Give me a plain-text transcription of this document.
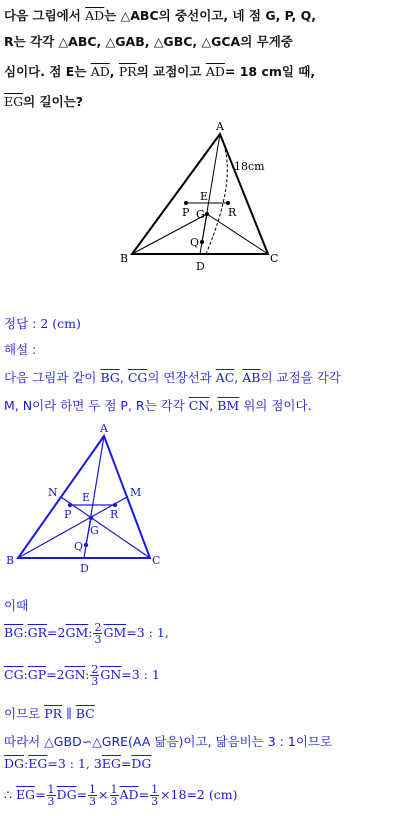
다음 그림에서 $\overline{AD}$는 △ABC의 중선이고, 네 점 G, P, Q,
R는 각각 △ABC, △GAB, △GBC, △GCA의 무게중
심이다. 점 E는 $\overline{AD}$, $\overline{PR}$의 교점이고 $\overline{AD}= 18$ cm일 때,
$\overline{EG}$의 길이는?
A
B	C
D
E
G
P	R
Q
18cm
정답 : 2 (cm)
해설 :
다음 그림과 같이 $\overline{BG}$, $\overline{CG}$의 연장선과 $\overline{AC}$, $\overline{AB}$의 교점을 각각
M, N이라 하면 두 점 P, R는 각각 $\overline{CN}$, $\overline{BM}$ 위의 점이다.
A
B	C
D
E
G
P	R
Q
M
N
이때
$\overline{BG}:\overline{GR}=2\overline{GM}$: $\frac{2}{3} \overline{GM}=3$ : 1,
$\overline{CG}:\overline{GP}=2\overline{GN}$: $\frac{2}{3} \overline{GN}=3$ : 1
이므로 $\overline{PR}$ ∥ $\overline{BC}$
따라서 △GBD∽△GRE(AA 닮음)이고, 닮음비는 3 : 1이므로
$\overline{DG}:\overline{EG}=3$ : 1, $3\overline{EG}=\overline{DG}$
∴ $\overline{EG}= \frac{1}{3} \overline{DG}= \frac{1}{3} \times \frac{1}{3} \overline{AD}= \frac{1}{3} \times 18=2$ (cm)
